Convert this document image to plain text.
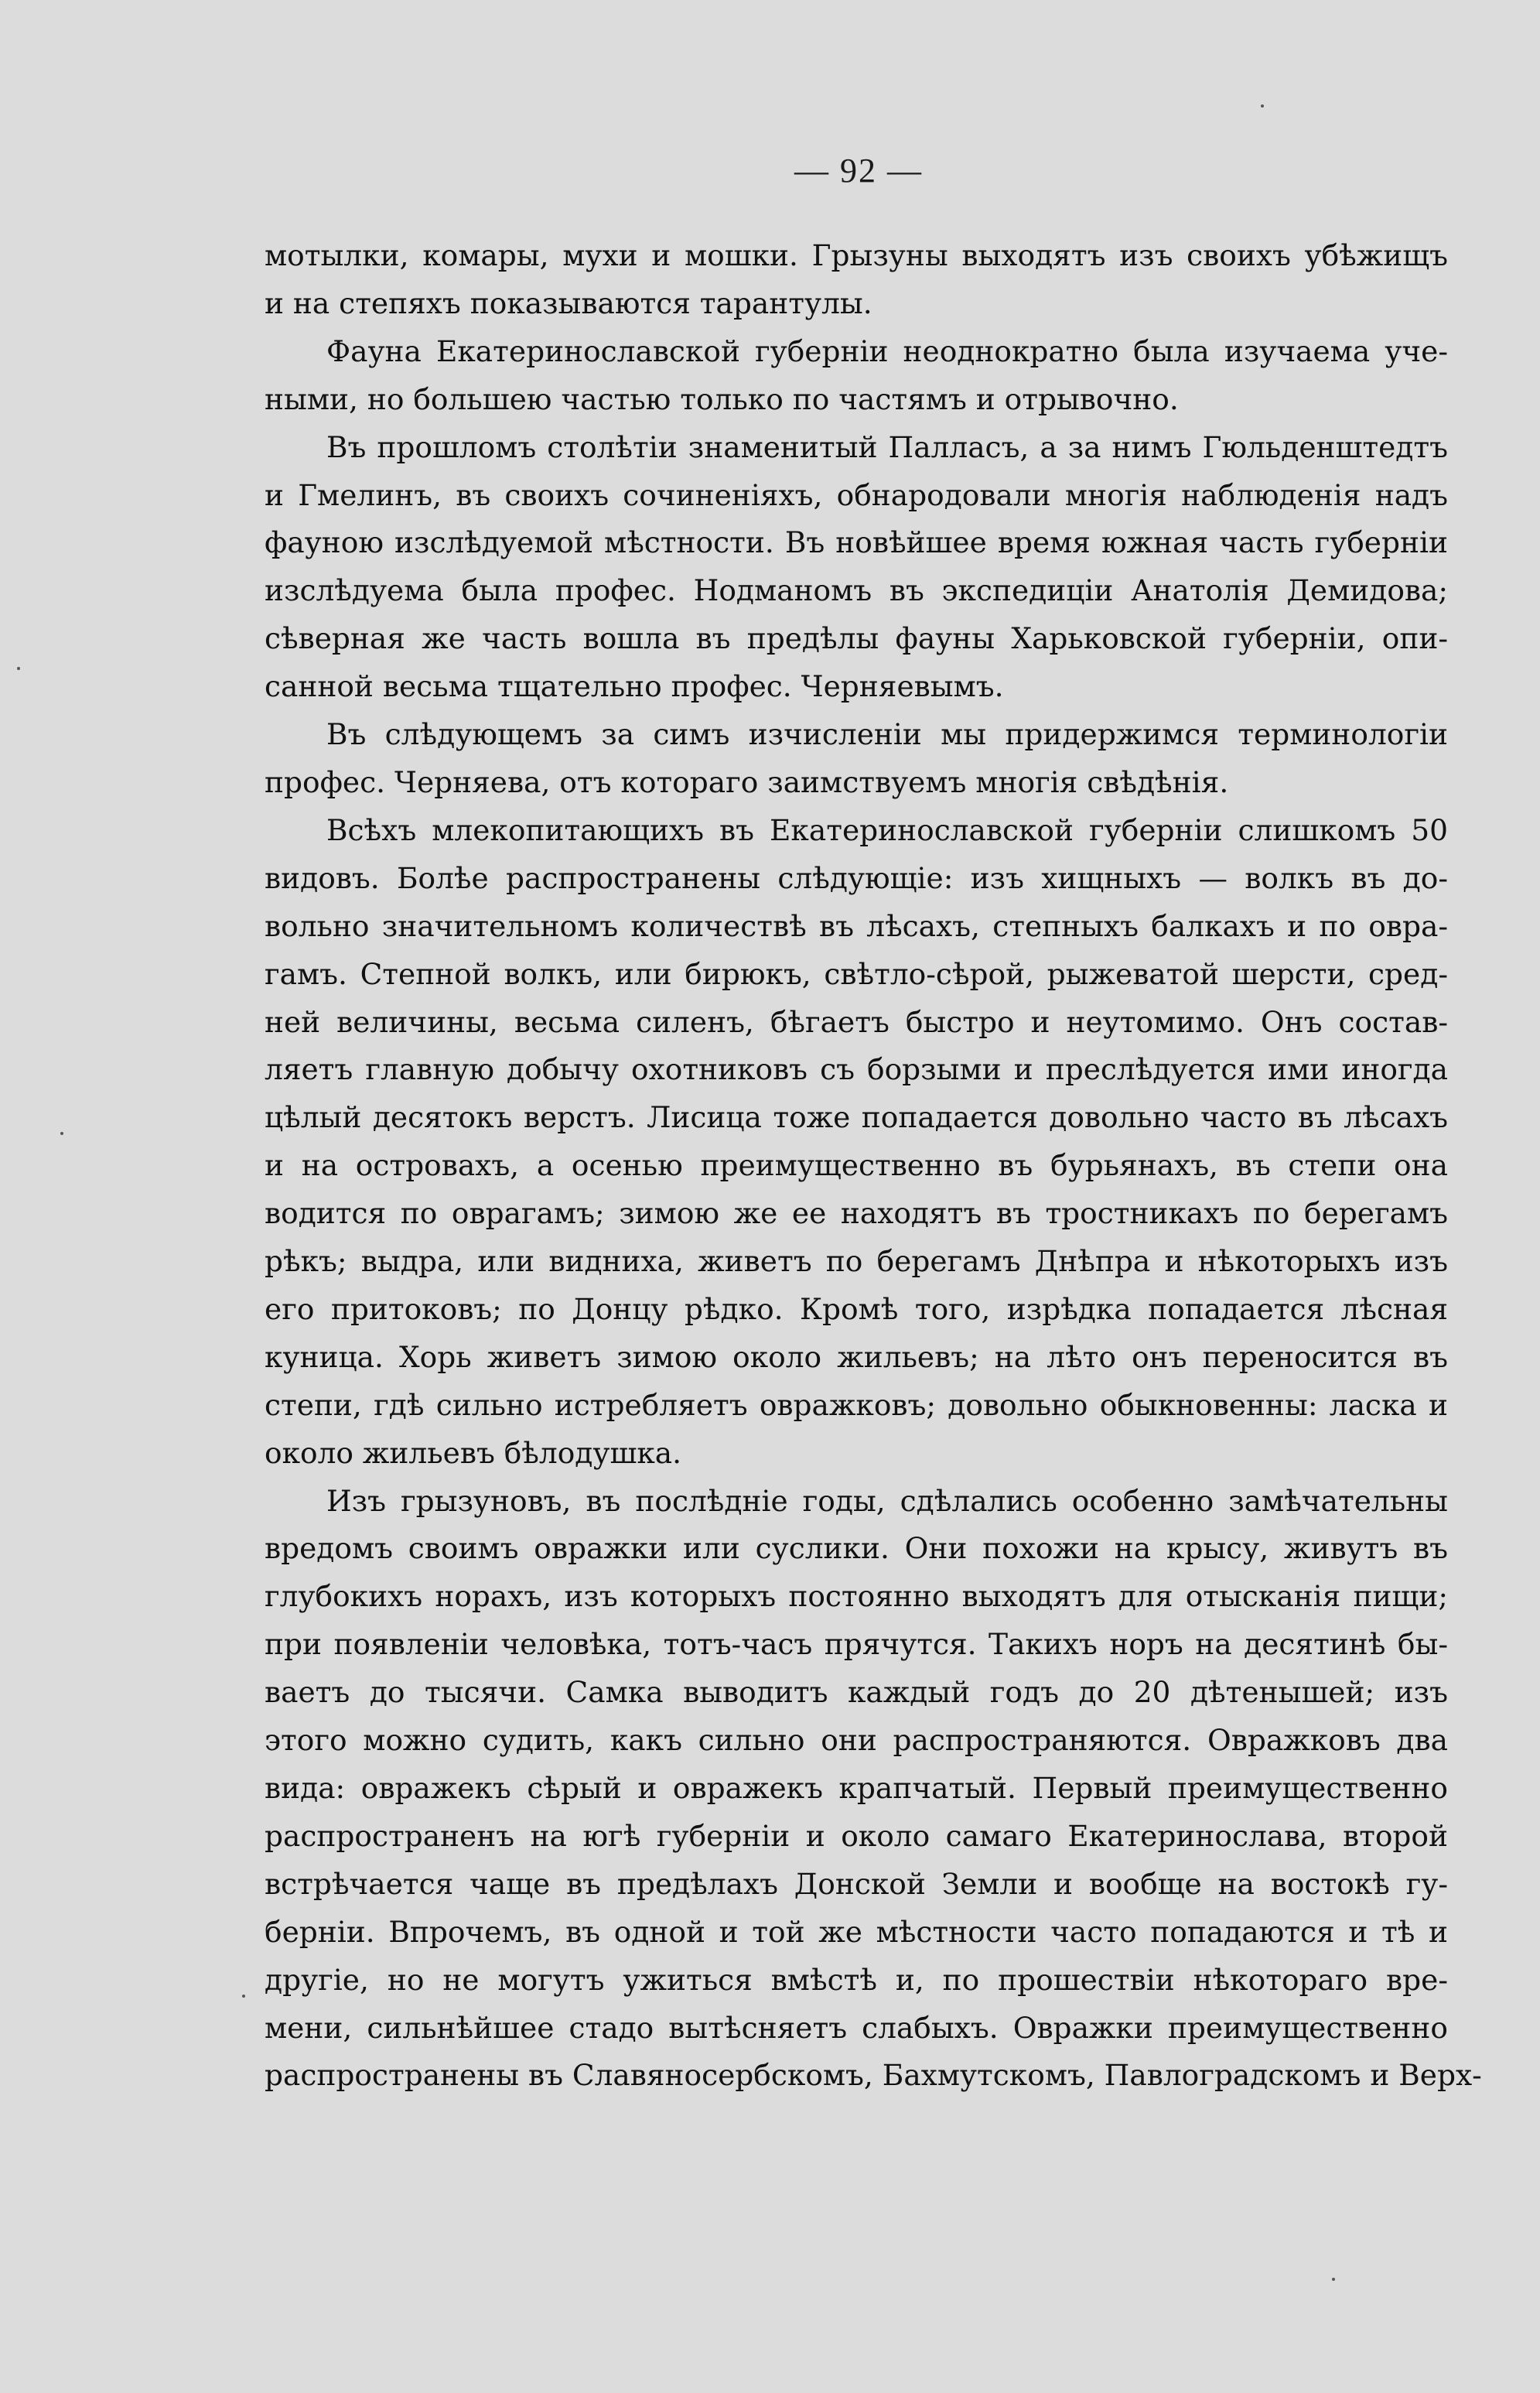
— 92 —
мотылки, комары, мухи и мошки. Грызуны выходятъ изъ своихъ убѣжищъ
и на степяхъ показываются тарантулы.
Фауна Екатеринославской губерніи неоднократно была изучаема уче-
ными, но большею частью только по частямъ и отрывочно.
Въ прошломъ столѣтіи знаменитый Палласъ, а за нимъ Гюльденштедтъ
и Гмелинъ, въ своихъ сочиненіяхъ, обнародовали многія наблюденія надъ
фауною изслѣдуемой мѣстности. Въ новѣйшее время южная часть губерніи
изслѣдуема была профес. Нодманомъ въ экспедиціи Анатолія Демидова;
сѣверная же часть вошла въ предѣлы фауны Харьковской губерніи, опи-
санной весьма тщательно профес. Черняевымъ.
Въ слѣдующемъ за симъ изчисленіи мы придержимся терминологіи
профес. Черняева, отъ котораго заимствуемъ многія свѣдѣнія.
Всѣхъ млекопитающихъ въ Екатеринославской губерніи слишкомъ 50
видовъ. Болѣе распространены слѣдующіе: изъ хищныхъ — волкъ въ до-
вольно значительномъ количествѣ въ лѣсахъ, степныхъ балкахъ и по овра-
гамъ. Степной волкъ, или бирюкъ, свѣтло-сѣрой, рыжеватой шерсти, сред-
ней величины, весьма силенъ, бѣгаетъ быстро и неутомимо. Онъ состав-
ляетъ главную добычу охотниковъ съ борзыми и преслѣдуется ими иногда
цѣлый десятокъ верстъ. Лисица тоже попадается довольно часто въ лѣсахъ
и на островахъ, а осенью преимущественно въ бурьянахъ, въ степи она
водится по оврагамъ; зимою же ее находятъ въ тростникахъ по берегамъ
рѣкъ; выдра, или видниха, живетъ по берегамъ Днѣпра и нѣкоторыхъ изъ
его притоковъ; по Донцу рѣдко. Кромѣ того, изрѣдка попадается лѣсная
куница. Хорь живетъ зимою около жильевъ; на лѣто онъ переносится въ
степи, гдѣ сильно истребляетъ овражковъ; довольно обыкновенны: ласка и
около жильевъ бѣлодушка.
Изъ грызуновъ, въ послѣдніе годы, сдѣлались особенно замѣчательны
вредомъ своимъ овражки или суслики. Они похожи на крысу, живутъ въ
глубокихъ норахъ, изъ которыхъ постоянно выходятъ для отысканія пищи;
при появленіи человѣка, тотъ-часъ прячутся. Такихъ норъ на десятинѣ бы-
ваетъ до тысячи. Самка выводитъ каждый годъ до 20 дѣтенышей; изъ
этого можно судить, какъ сильно они распространяются. Овражковъ два
вида: овражекъ сѣрый и овражекъ крапчатый. Первый преимущественно
распространенъ на югѣ губерніи и около самаго Екатеринослава, второй
встрѣчается чаще въ предѣлахъ Донской Земли и вообще на востокѣ гу-
берніи. Впрочемъ, въ одной и той же мѣстности часто попадаются и тѣ и
другіе, но не могутъ ужиться вмѣстѣ и, по прошествіи нѣкотораго вре-
мени, сильнѣйшее стадо вытѣсняетъ слабыхъ. Овражки преимущественно
распространены въ Славяносербскомъ, Бахмутскомъ, Павлоградскомъ и Верх-
